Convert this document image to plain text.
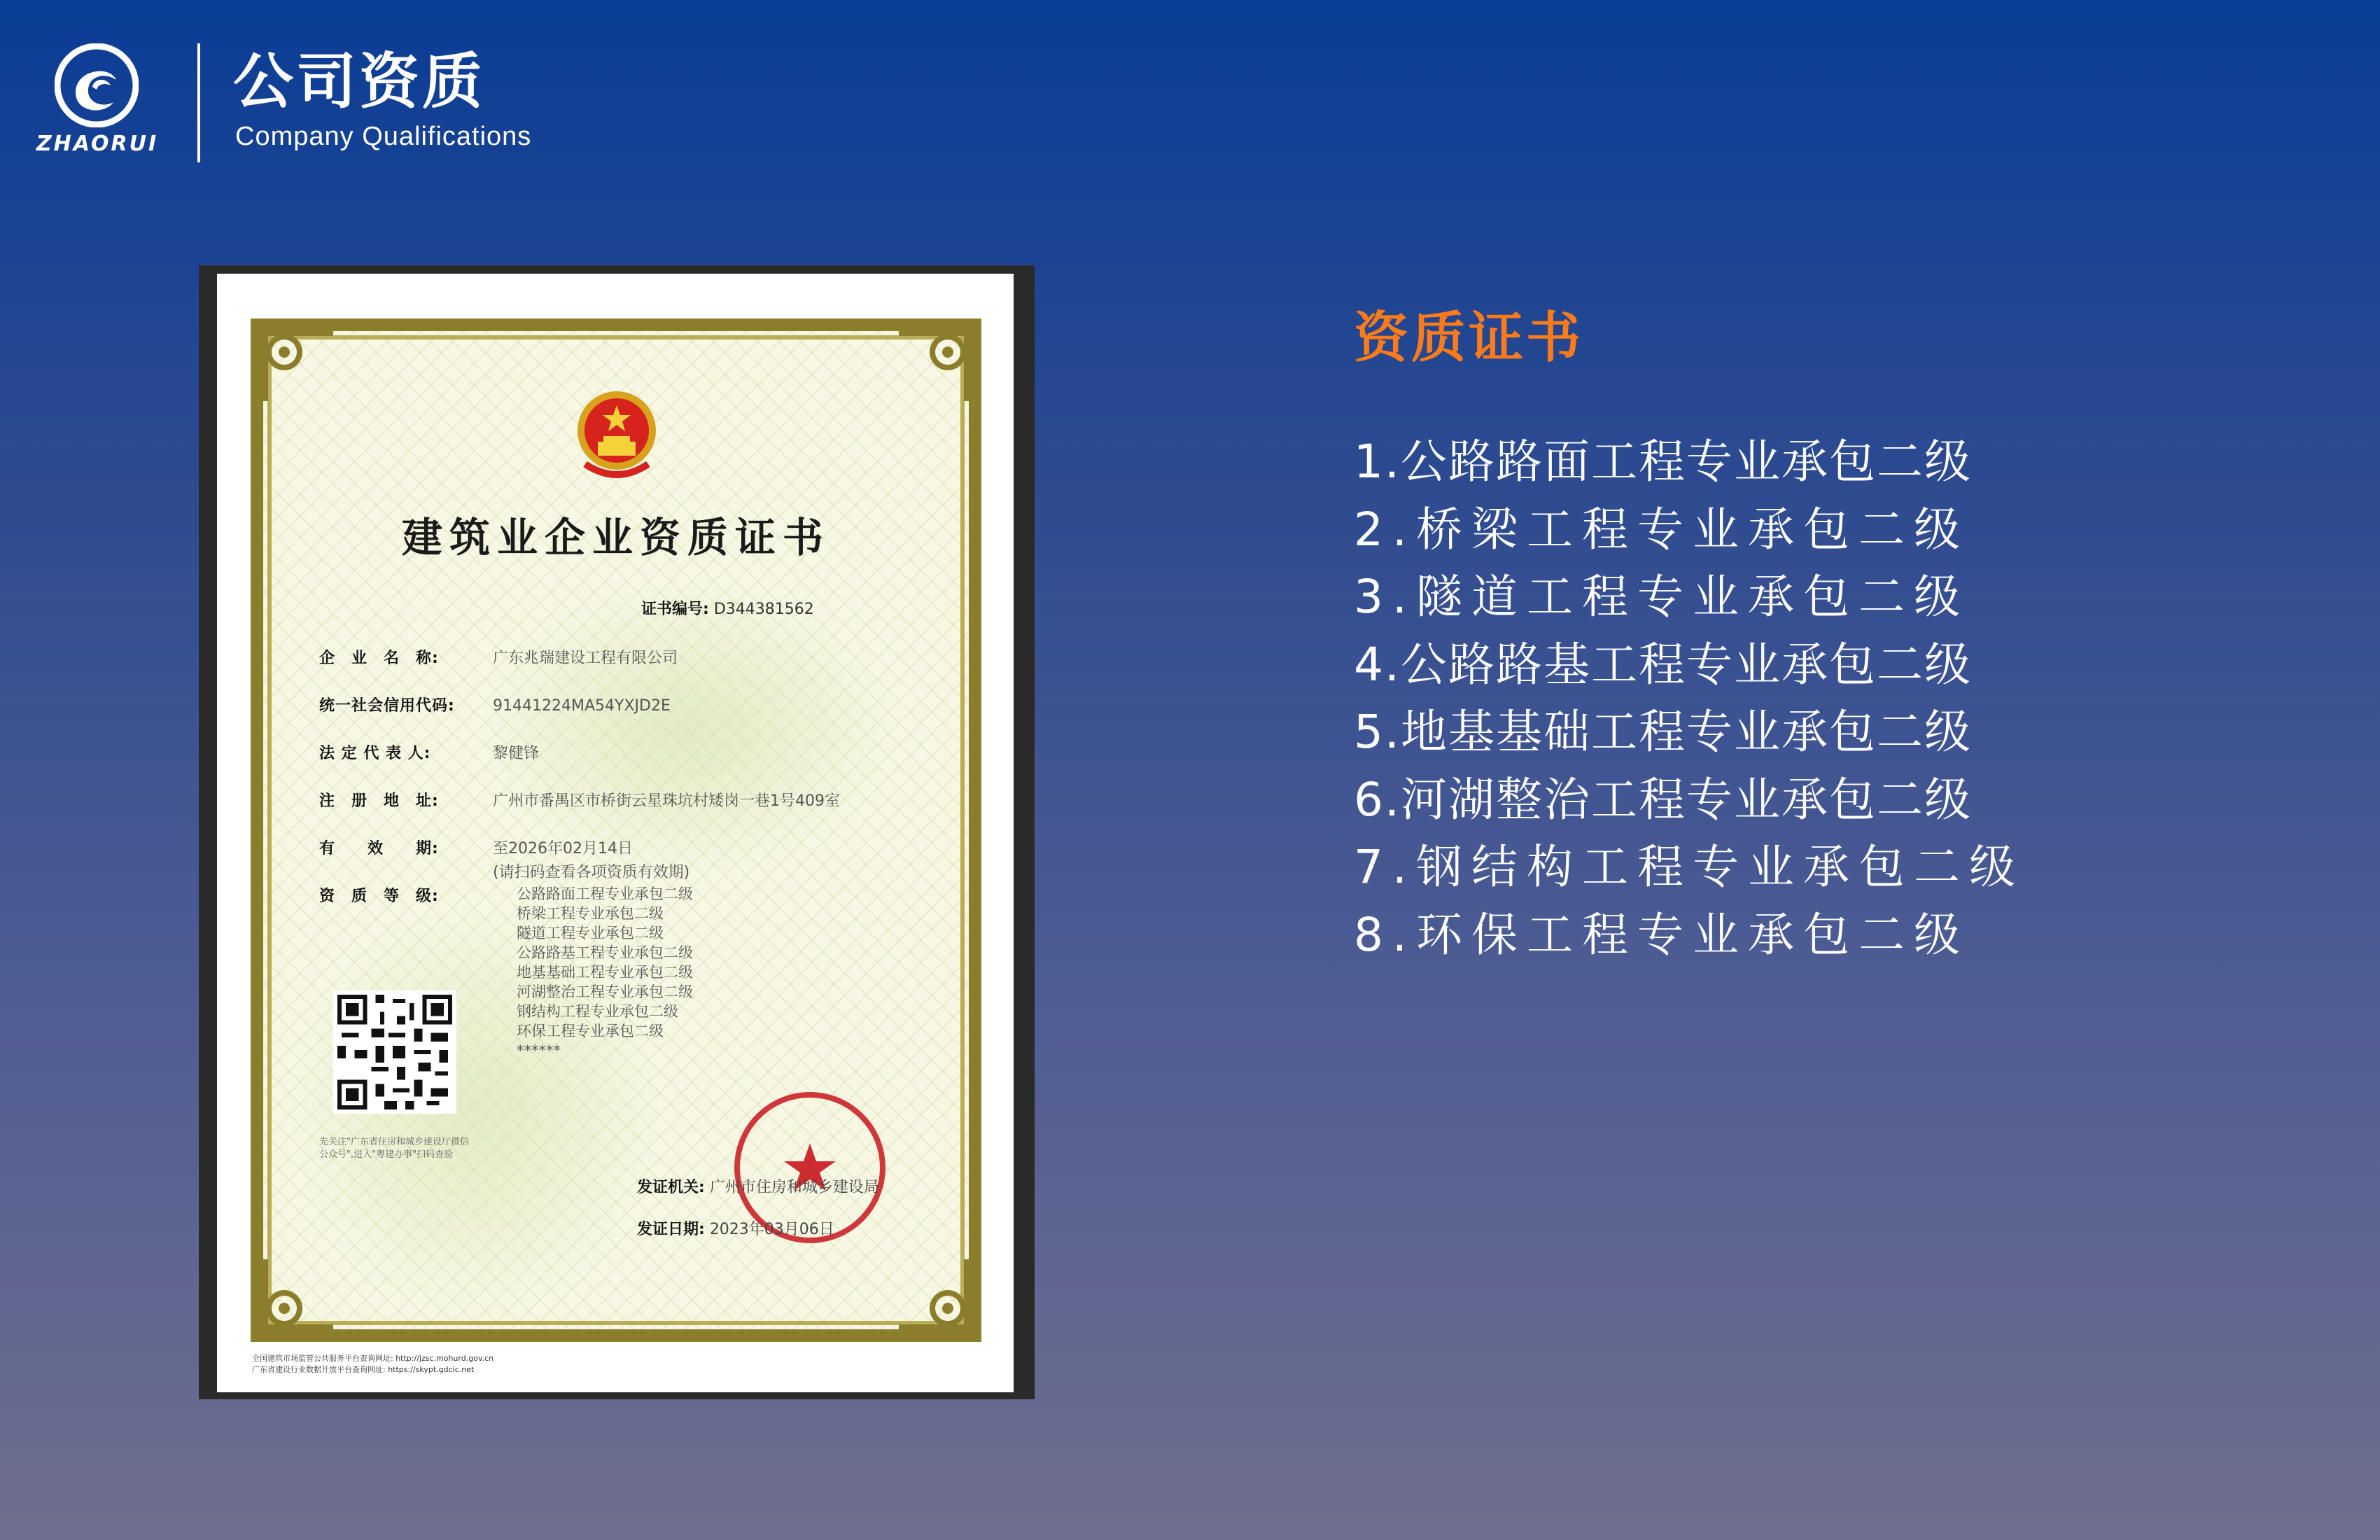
ZHAORUI
公司资质
Company Qualifications
建筑业企业资质证书
证书编号: D344381562
企　业　名　称:	广东兆瑞建设工程有限公司
统一社会信用代码: 91441224MA54YXJD2E
法 定 代 表 人:	黎健锋
注　册　地　址:	广州市番禺区市桥街云星珠坑村矮岗一巷1号409室
有　　效　　期:	至2026年02月14日
(请扫码查看各项资质有效期)
资　质　等　级:	公路路面工程专业承包二级
桥梁工程专业承包二级
隧道工程专业承包二级
公路路基工程专业承包二级
地基基础工程专业承包二级
河湖整治工程专业承包二级
钢结构工程专业承包二级
环保工程专业承包二级
******
先关注"广东省住房和城乡建设厅微信公众号",进入"粤建办事"扫码查验
发证机关: 广州市住房和城乡建设局
发证日期: 2023年03月06日
全国建筑市场监管公共服务平台查询网址: http://jzsc.mohurd.gov.cn
广东省建设行业数据开放平台查询网址: https://skypt.gdcic.net
资质证书
1.公路路面工程专业承包二级
2.桥梁工程专业承包二级
3.隧道工程专业承包二级
4.公路路基工程专业承包二级
5.地基基础工程专业承包二级
6.河湖整治工程专业承包二级
7.钢结构工程专业承包二级
8.环保工程专业承包二级
